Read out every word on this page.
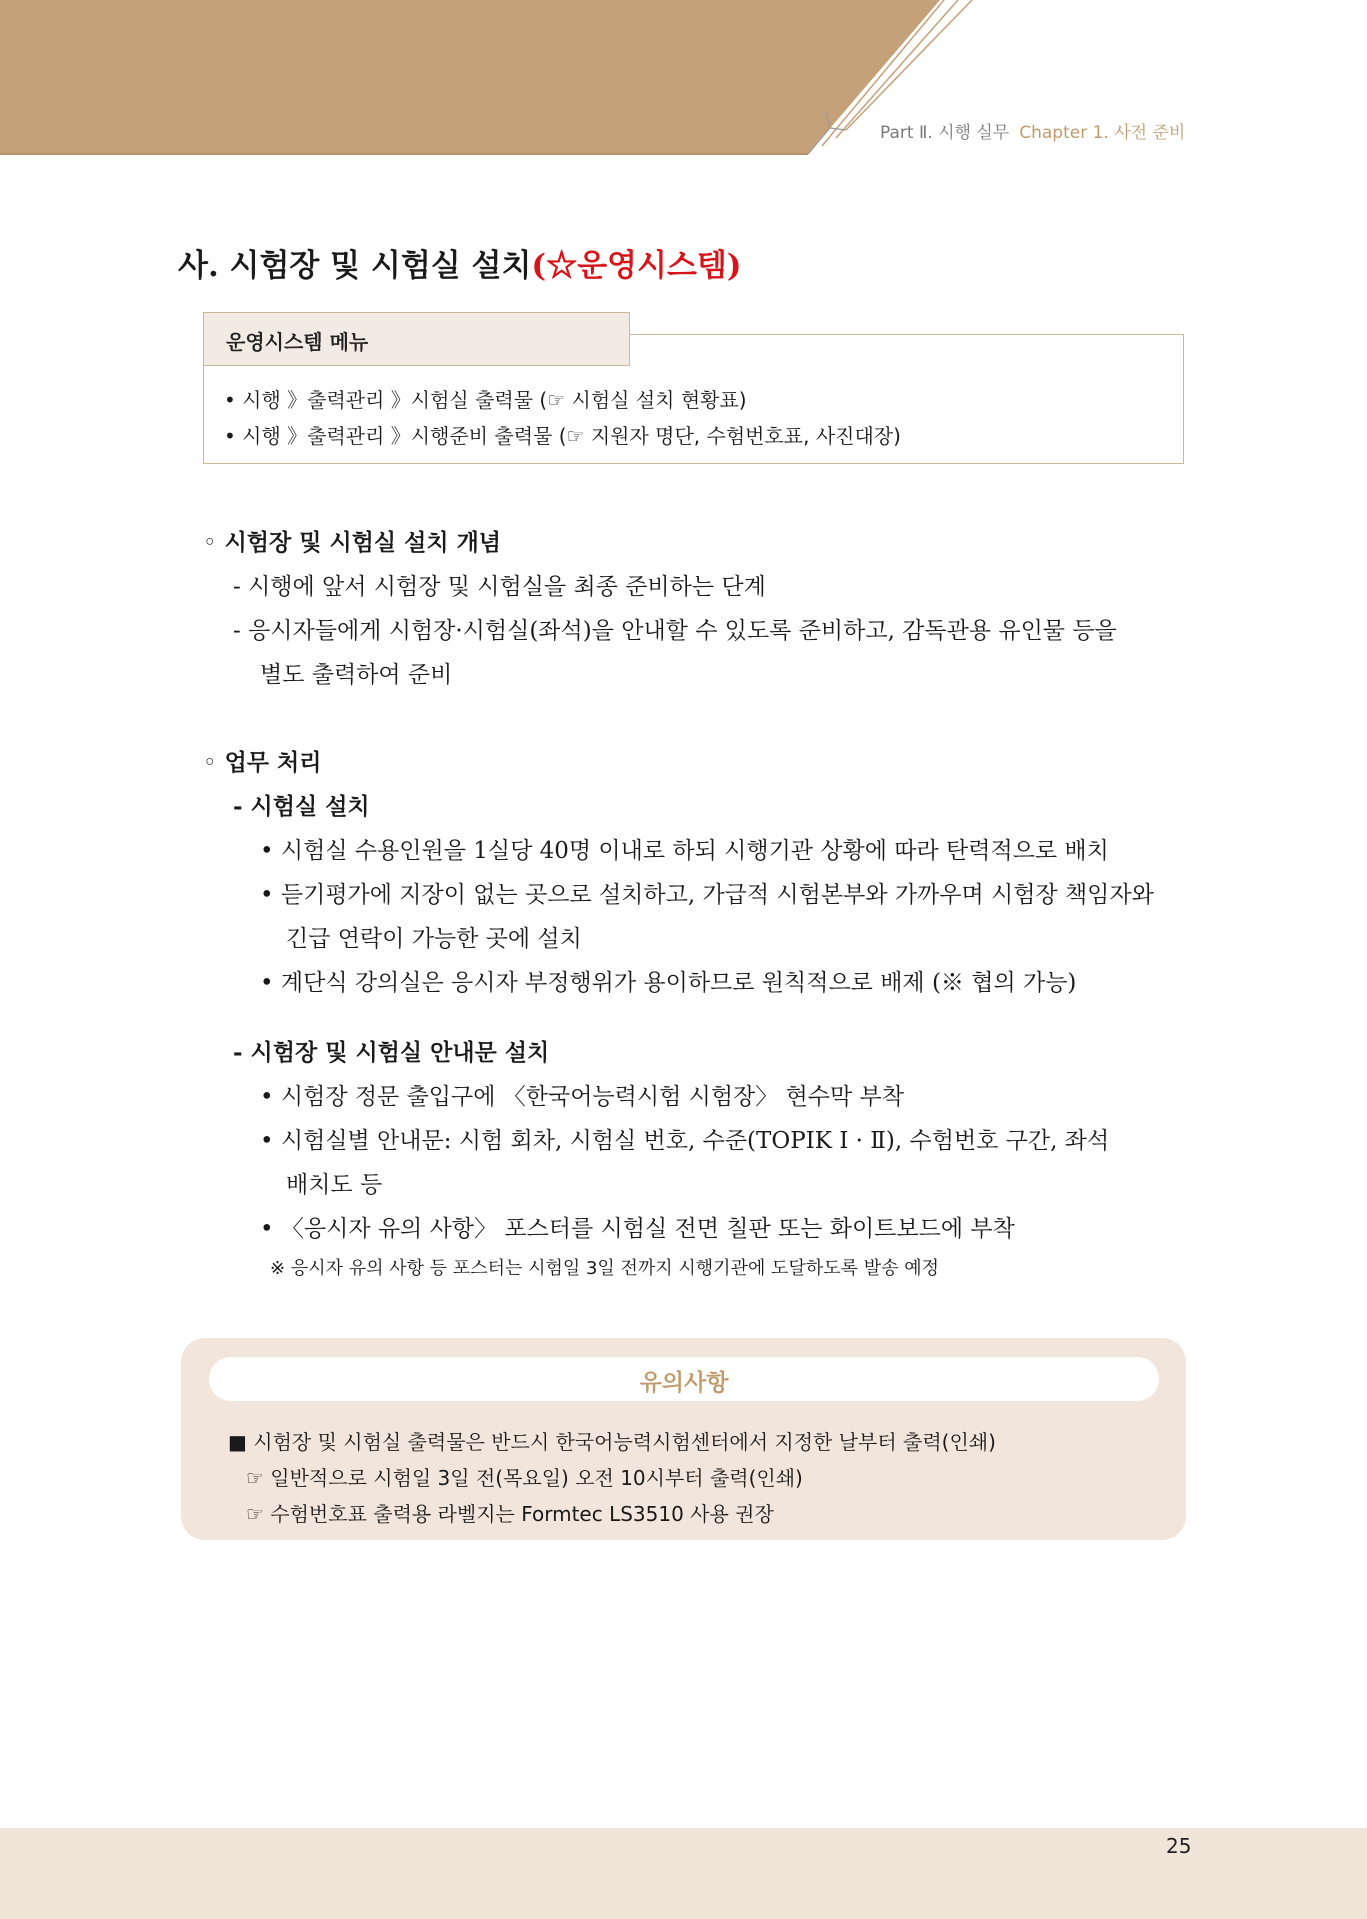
Part Ⅱ. 시행 실무 Chapter 1. 사전 준비
사. 시험장 및 시험실 설치(☆운영시스템)
운영시스템 메뉴
• 시행 》출력관리 》시험실 출력물 (☞ 시험실 설치 현황표)
• 시행 》출력관리 》시행준비 출력물 (☞ 지원자 명단, 수험번호표, 사진대장)
◦ 시험장 및 시험실 설치 개념
- 시행에 앞서 시험장 및 시험실을 최종 준비하는 단계
- 응시자들에게 시험장·시험실(좌석)을 안내할 수 있도록 준비하고, 감독관용 유인물 등을
별도 출력하여 준비
◦ 업무 처리
- 시험실 설치
• 시험실 수용인원을 1실당 40명 이내로 하되 시행기관 상황에 따라 탄력적으로 배치
• 듣기평가에 지장이 없는 곳으로 설치하고, 가급적 시험본부와 가까우며 시험장 책임자와
긴급 연락이 가능한 곳에 설치
• 계단식 강의실은 응시자 부정행위가 용이하므로 원칙적으로 배제 (※ 협의 가능)
- 시험장 및 시험실 안내문 설치
• 시험장 정문 출입구에 〈한국어능력시험 시험장〉 현수막 부착
• 시험실별 안내문: 시험 회차, 시험실 번호, 수준(TOPIK Ⅰ · Ⅱ), 수험번호 구간, 좌석
배치도 등
• 〈응시자 유의 사항〉 포스터를 시험실 전면 칠판 또는 화이트보드에 부착
※ 응시자 유의 사항 등 포스터는 시험일 3일 전까지 시행기관에 도달하도록 발송 예정
유의사항
■ 시험장 및 시험실 출력물은 반드시 한국어능력시험센터에서 지정한 날부터 출력(인쇄)
☞ 일반적으로 시험일 3일 전(목요일) 오전 10시부터 출력(인쇄)
☞ 수험번호표 출력용 라벨지는 Formtec LS3510 사용 권장
25
